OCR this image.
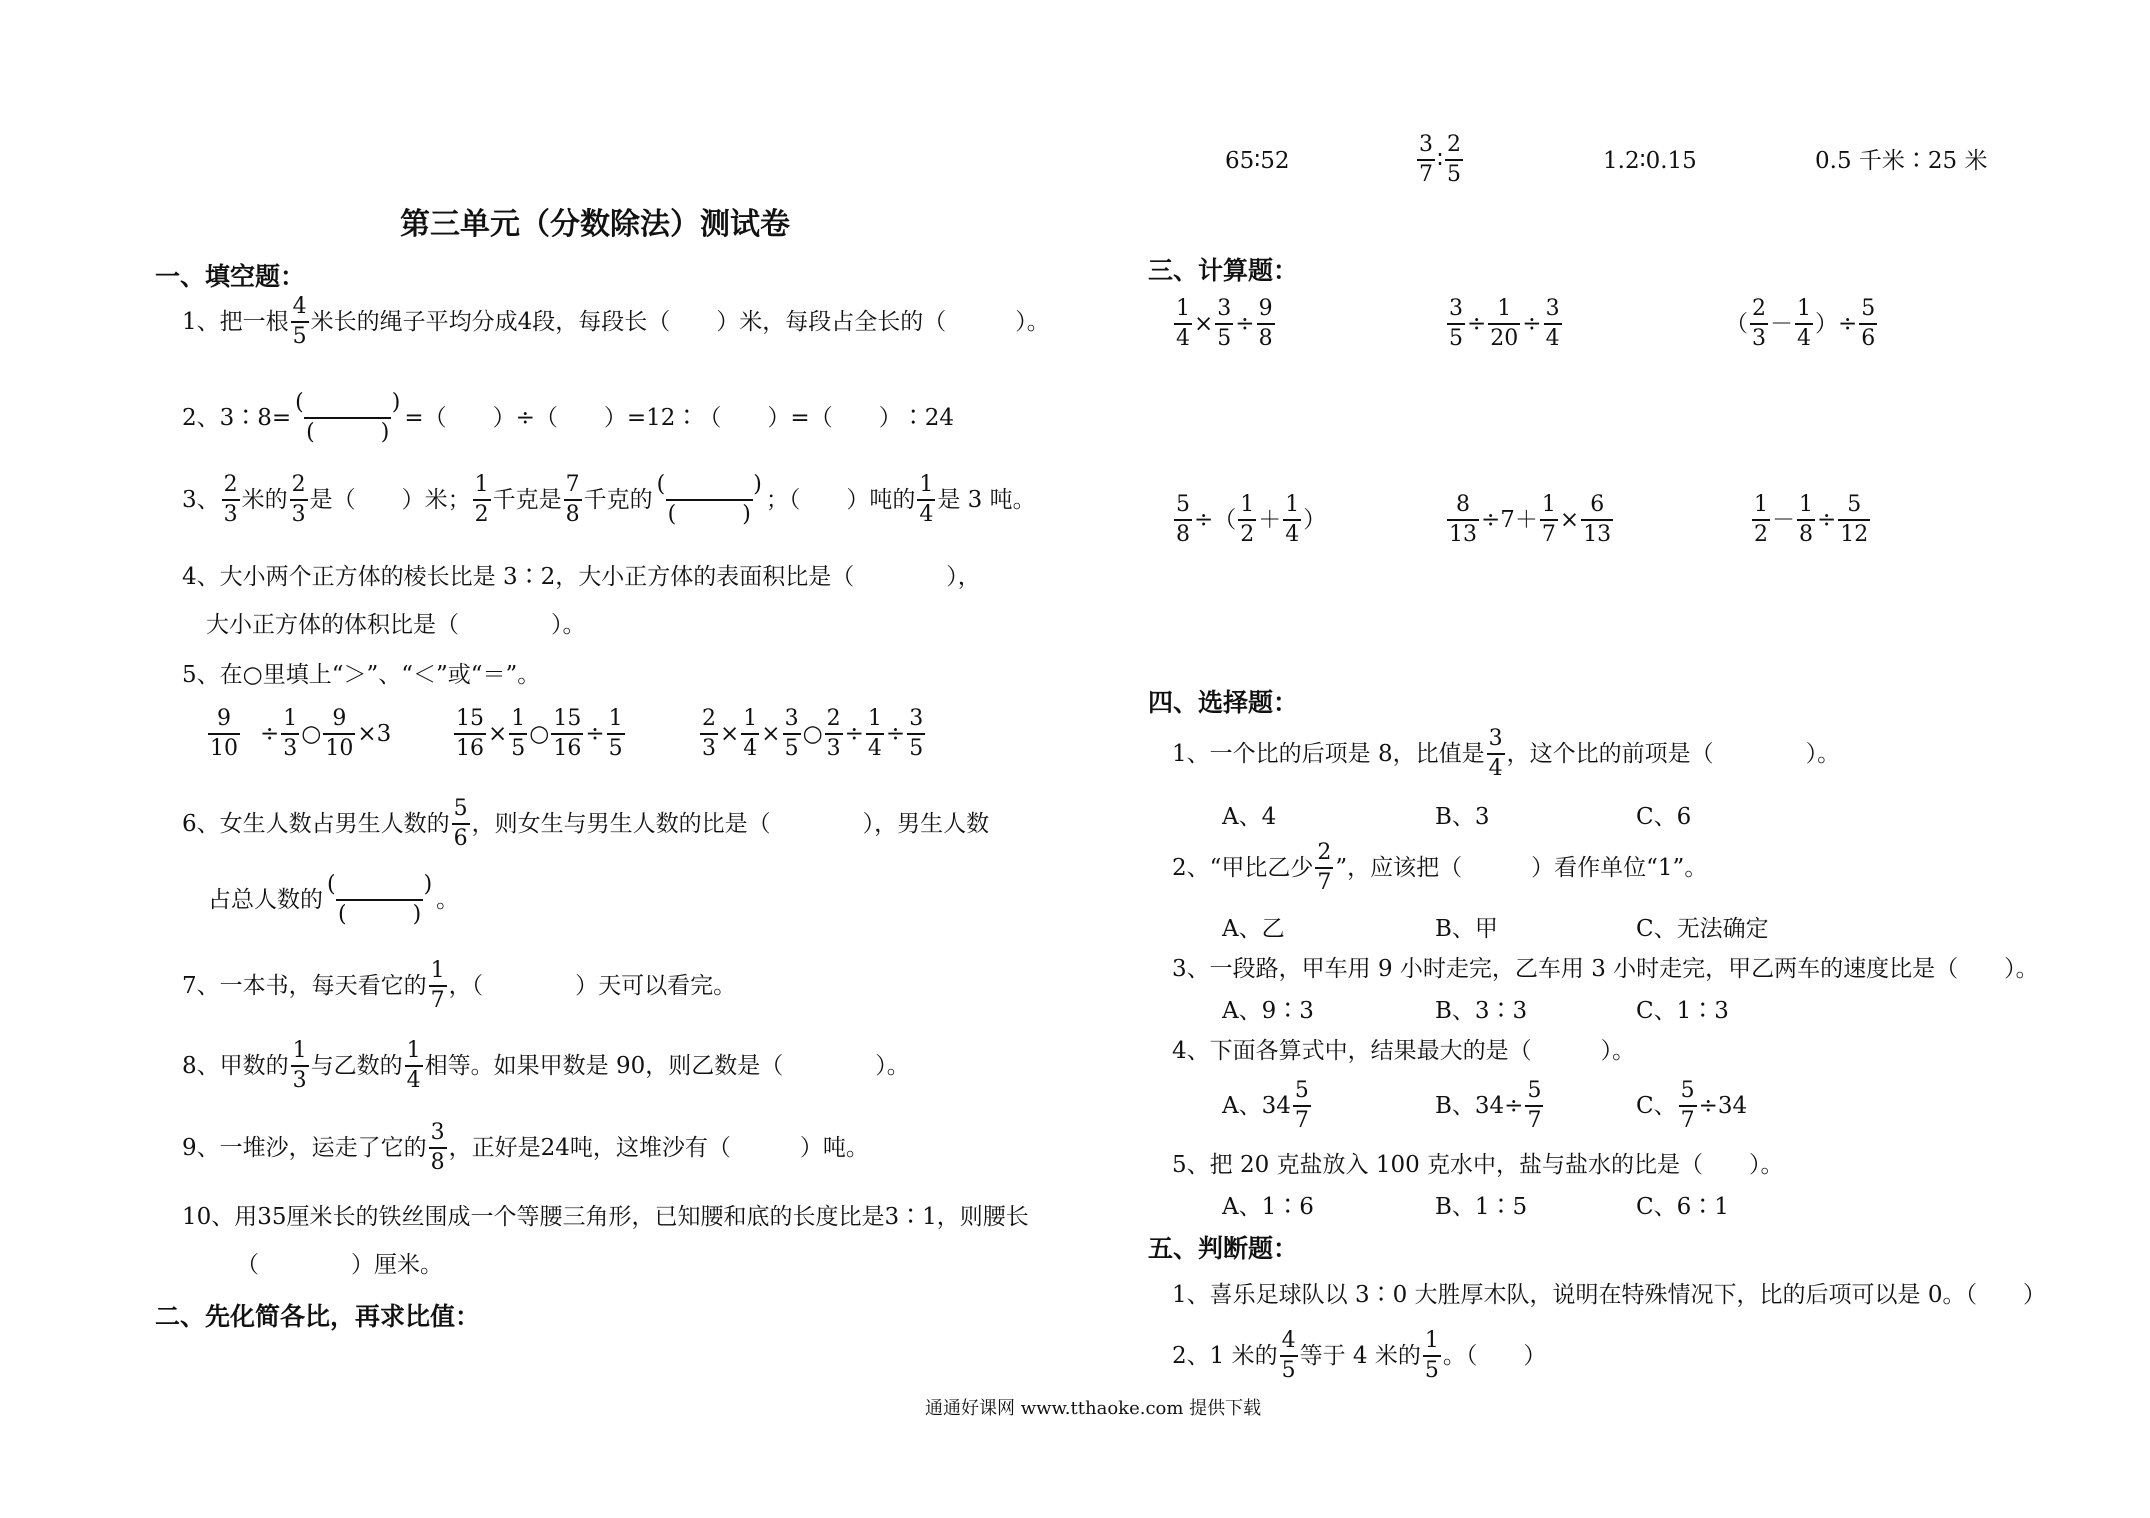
第三单元（分数除法）测试卷
一、填空题：
1、把一根 $\frac{4}{5}$ 米长的绳子平均分成4段，每段长（　　）米，每段占全长的（　　　）。
2、3∶8= $\frac{( )}{( )}$ =（　　）÷（　　）=12∶（　　）=（　　）∶24
3、 $\frac{2}{3}$ 米的 $\frac{2}{3}$ 是（　　）米； $\frac{1}{2}$ 千克是 $\frac{7}{8}$ 千克的 $\frac{( )}{( )}$ ；（　　）吨的 $\frac{1}{4}$ 是 3 吨。
4、大小两个正方体的棱长比是 3∶2，大小正方体的表面积比是（　　　　），
大小正方体的体积比是（　　　　）。
5、在○里填上“＞”、“＜”或“＝”。
$\frac{9}{10} \div \frac{1}{3}$ ○ $\frac{9}{10} \times 3$	$\frac{15}{16} \times \frac{1}{5}$ ○ $\frac{15}{16} \div \frac{1}{5}$	$\frac{2}{3} \times \frac{1}{4} \times \frac{3}{5}$ ○ $\frac{2}{3} \div \frac{1}{4} \div \frac{3}{5}$
6、女生人数占男生人数的 $\frac{5}{6}$ ，则女生与男生人数的比是（　　　　），男生人数
占总人数的 $\frac{( )}{( )}$ 。
7、一本书，每天看它的 $\frac{1}{7}$ ，（　　　　）天可以看完。
8、甲数的 $\frac{1}{3}$ 与乙数的 $\frac{1}{4}$ 相等。如果甲数是 90，则乙数是（　　　　）。
9、一堆沙，运走了它的 $\frac{3}{8}$ ，正好是24吨，这堆沙有（　　　）吨。
10、用35厘米长的铁丝围成一个等腰三角形，已知腰和底的长度比是3∶1，则腰长
（　　　　）厘米。
二、先化简各比，再求比值：
65∶52	$\frac{3}{7}$ ∶ $\frac{2}{5}$	1.2∶0.15	0.5 千米∶25 米
三、计算题：
$\frac{1}{4} \times \frac{3}{5} \div \frac{9}{8}$	$\frac{3}{5} \div \frac{1}{20} \div \frac{3}{4}$	（ $\frac{2}{3} - \frac{1}{4}$ ） ÷ $\frac{5}{6}$
$\frac{5}{8}$ ÷（ $\frac{1}{2} + \frac{1}{4}$ ）	$\frac{8}{13} \div 7+ \frac{1}{7} \times \frac{6}{13}$	$\frac{1}{2} - \frac{1}{8} \div \frac{5}{12}$
四、选择题：
1、一个比的后项是 8，比值是 $\frac{3}{4}$ ，这个比的前项是（　　　　）。
A、4	B、3	C、6
2、“甲比乙少 $\frac{2}{7}$ ”，应该把（　　　）看作单位“1”。
A、乙	B、甲	C、无法确定
3、一段路，甲车用 9 小时走完，乙车用 3 小时走完，甲乙两车的速度比是（　　）。
A、9∶3	B、3∶3	C、1∶3
4、下面各算式中，结果最大的是（　　　）。
A、$34 \frac{5}{7}$	B、$34\div \frac{5}{7}$	C、 $\frac{5}{7} \div 34$
5、把 20 克盐放入 100 克水中，盐与盐水的比是（　　）。
A、1∶6	B、1∶5	C、6∶1
五、判断题：
1、喜乐足球队以 3∶0 大胜厚木队，说明在特殊情况下，比的后项可以是 0。（　　）
2、1 米的 $\frac{4}{5}$ 等于 4 米的 $\frac{1}{5}$ 。（　　）
通通好课网 www.tthaoke.com 提供下载
